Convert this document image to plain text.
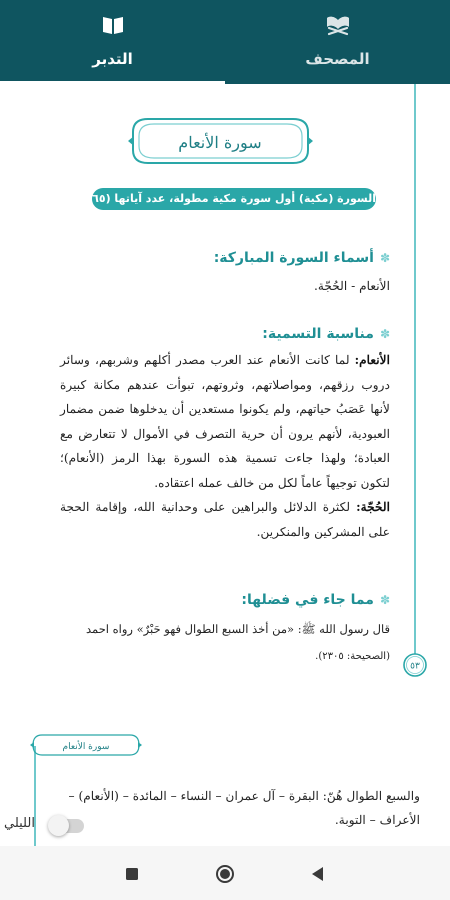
المصحف
التدبر
سورة الأنعام
السورة (مكية) أول سورة مكية مطولة، عدد آياتها (١٦٥)
✽أسماء السورة المباركة:
الأنعام - الحُجّة.
✽مناسبة التسمية:
الأنعام: لما كانت الأنعام عند العرب مصدر أكلهم وشربهم، وسائر دروب رزقهم، ومواصلاتهم، وثروتهم، تبوأت عندهم مكانة كبيرة لأنها عَصَبُ حياتهم، ولم يكونوا مستعدين أن يدخلوها ضمن مضمار العبودية، لأنهم يرون أن حرية التصرف في الأموال لا تتعارض مع العبادة؛ ولهذا جاءت تسمية هذه السورة بهذا الرمز (الأنعام)؛ لتكون توجيهاً عاماً لكل من خالف عمله اعتقاده.
الحُجّة: لكثرة الدلائل والبراهين على وحدانية الله، وإقامة الحجة على المشركين والمنكرين.
✽مما جاء في فضلها:
قال رسول الله ﷺ: «من أخذ السبع الطوال فهو حَبْرٌ» رواه احمد
(الصحيحة: ٢٣٠٥).
٥٣
سورة الأنعام
والسبع الطوال هُنّ: البقرة – آل عمران – النساء – المائدة – (الأنعام) – الأعراف – التوبة.
الليلي
